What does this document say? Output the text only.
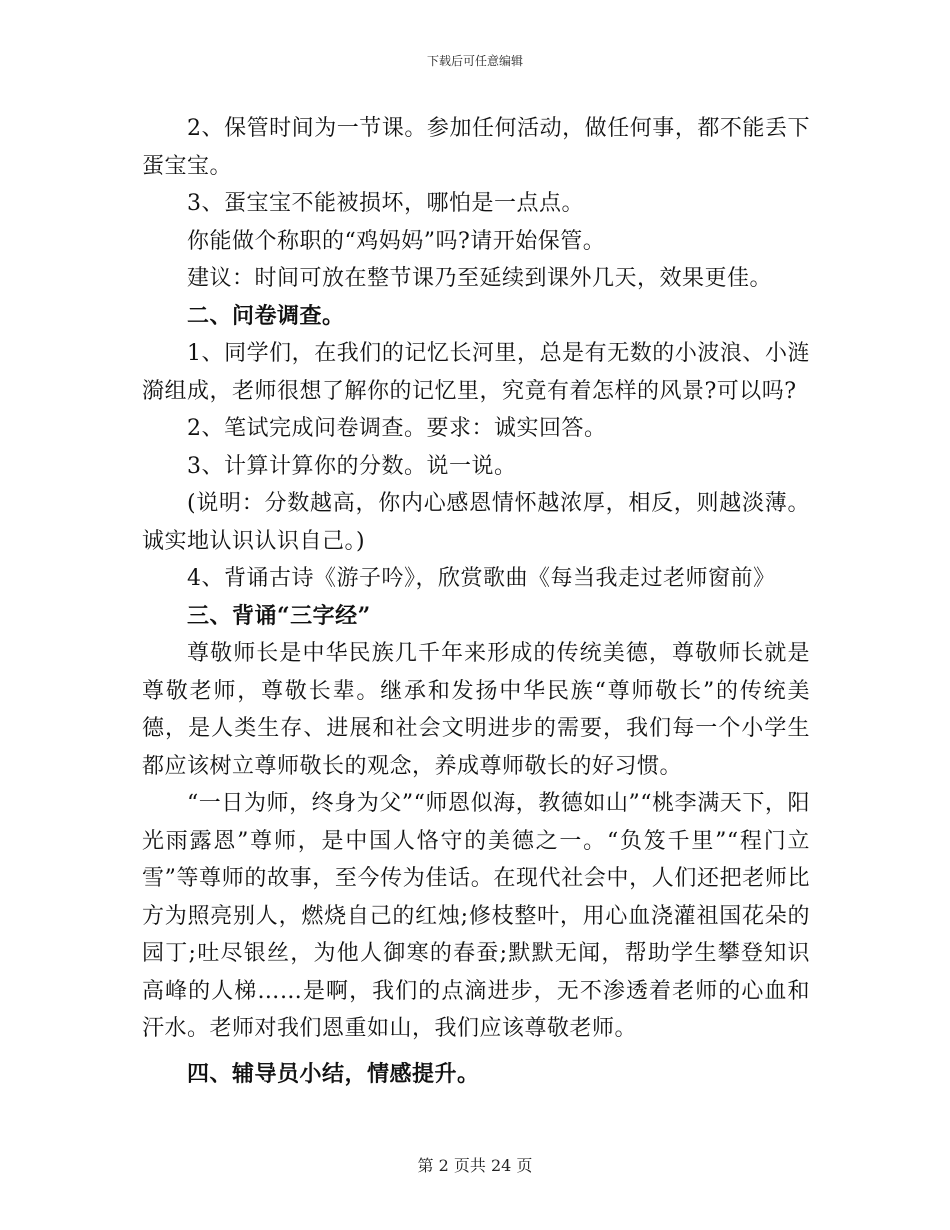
下载后可任意编辑

2、保管时间为一节课。参加任何活动，做任何事，都不能丢下蛋宝宝。

3、蛋宝宝不能被损坏，哪怕是一点点。

你能做个称职的“鸡妈妈”吗?请开始保管。

建议：时间可放在整节课乃至延续到课外几天，效果更佳。

二、问卷调查。

1、同学们，在我们的记忆长河里，总是有无数的小波浪、小涟漪组成，老师很想了解你的记忆里，究竟有着怎样的风景?可以吗?

2、笔试完成问卷调查。要求：诚实回答。

3、计算计算你的分数。说一说。

(说明：分数越高，你内心感恩情怀越浓厚，相反，则越淡薄。诚实地认识认识自己。)

4、背诵古诗《游子吟》，欣赏歌曲《每当我走过老师窗前》

三、背诵“三字经”

尊敬师长是中华民族几千年来形成的传统美德，尊敬师长就是尊敬老师，尊敬长辈。继承和发扬中华民族“尊师敬长”的传统美德，是人类生存、进展和社会文明进步的需要，我们每一个小学生都应该树立尊师敬长的观念，养成尊师敬长的好习惯。

“一日为师，终身为父”“师恩似海，教德如山”“桃李满天下，阳光雨露恩”尊师，是中国人恪守的美德之一。“负笈千里”“程门立雪”等尊师的故事，至今传为佳话。在现代社会中，人们还把老师比方为照亮别人，燃烧自己的红烛;修枝整叶，用心血浇灌祖国花朵的园丁;吐尽银丝，为他人御寒的春蚕;默默无闻，帮助学生攀登知识高峰的人梯……是啊，我们的点滴进步，无不渗透着老师的心血和汗水。老师对我们恩重如山，我们应该尊敬老师。

四、辅导员小结，情感提升。

第 2 页共 24 页
